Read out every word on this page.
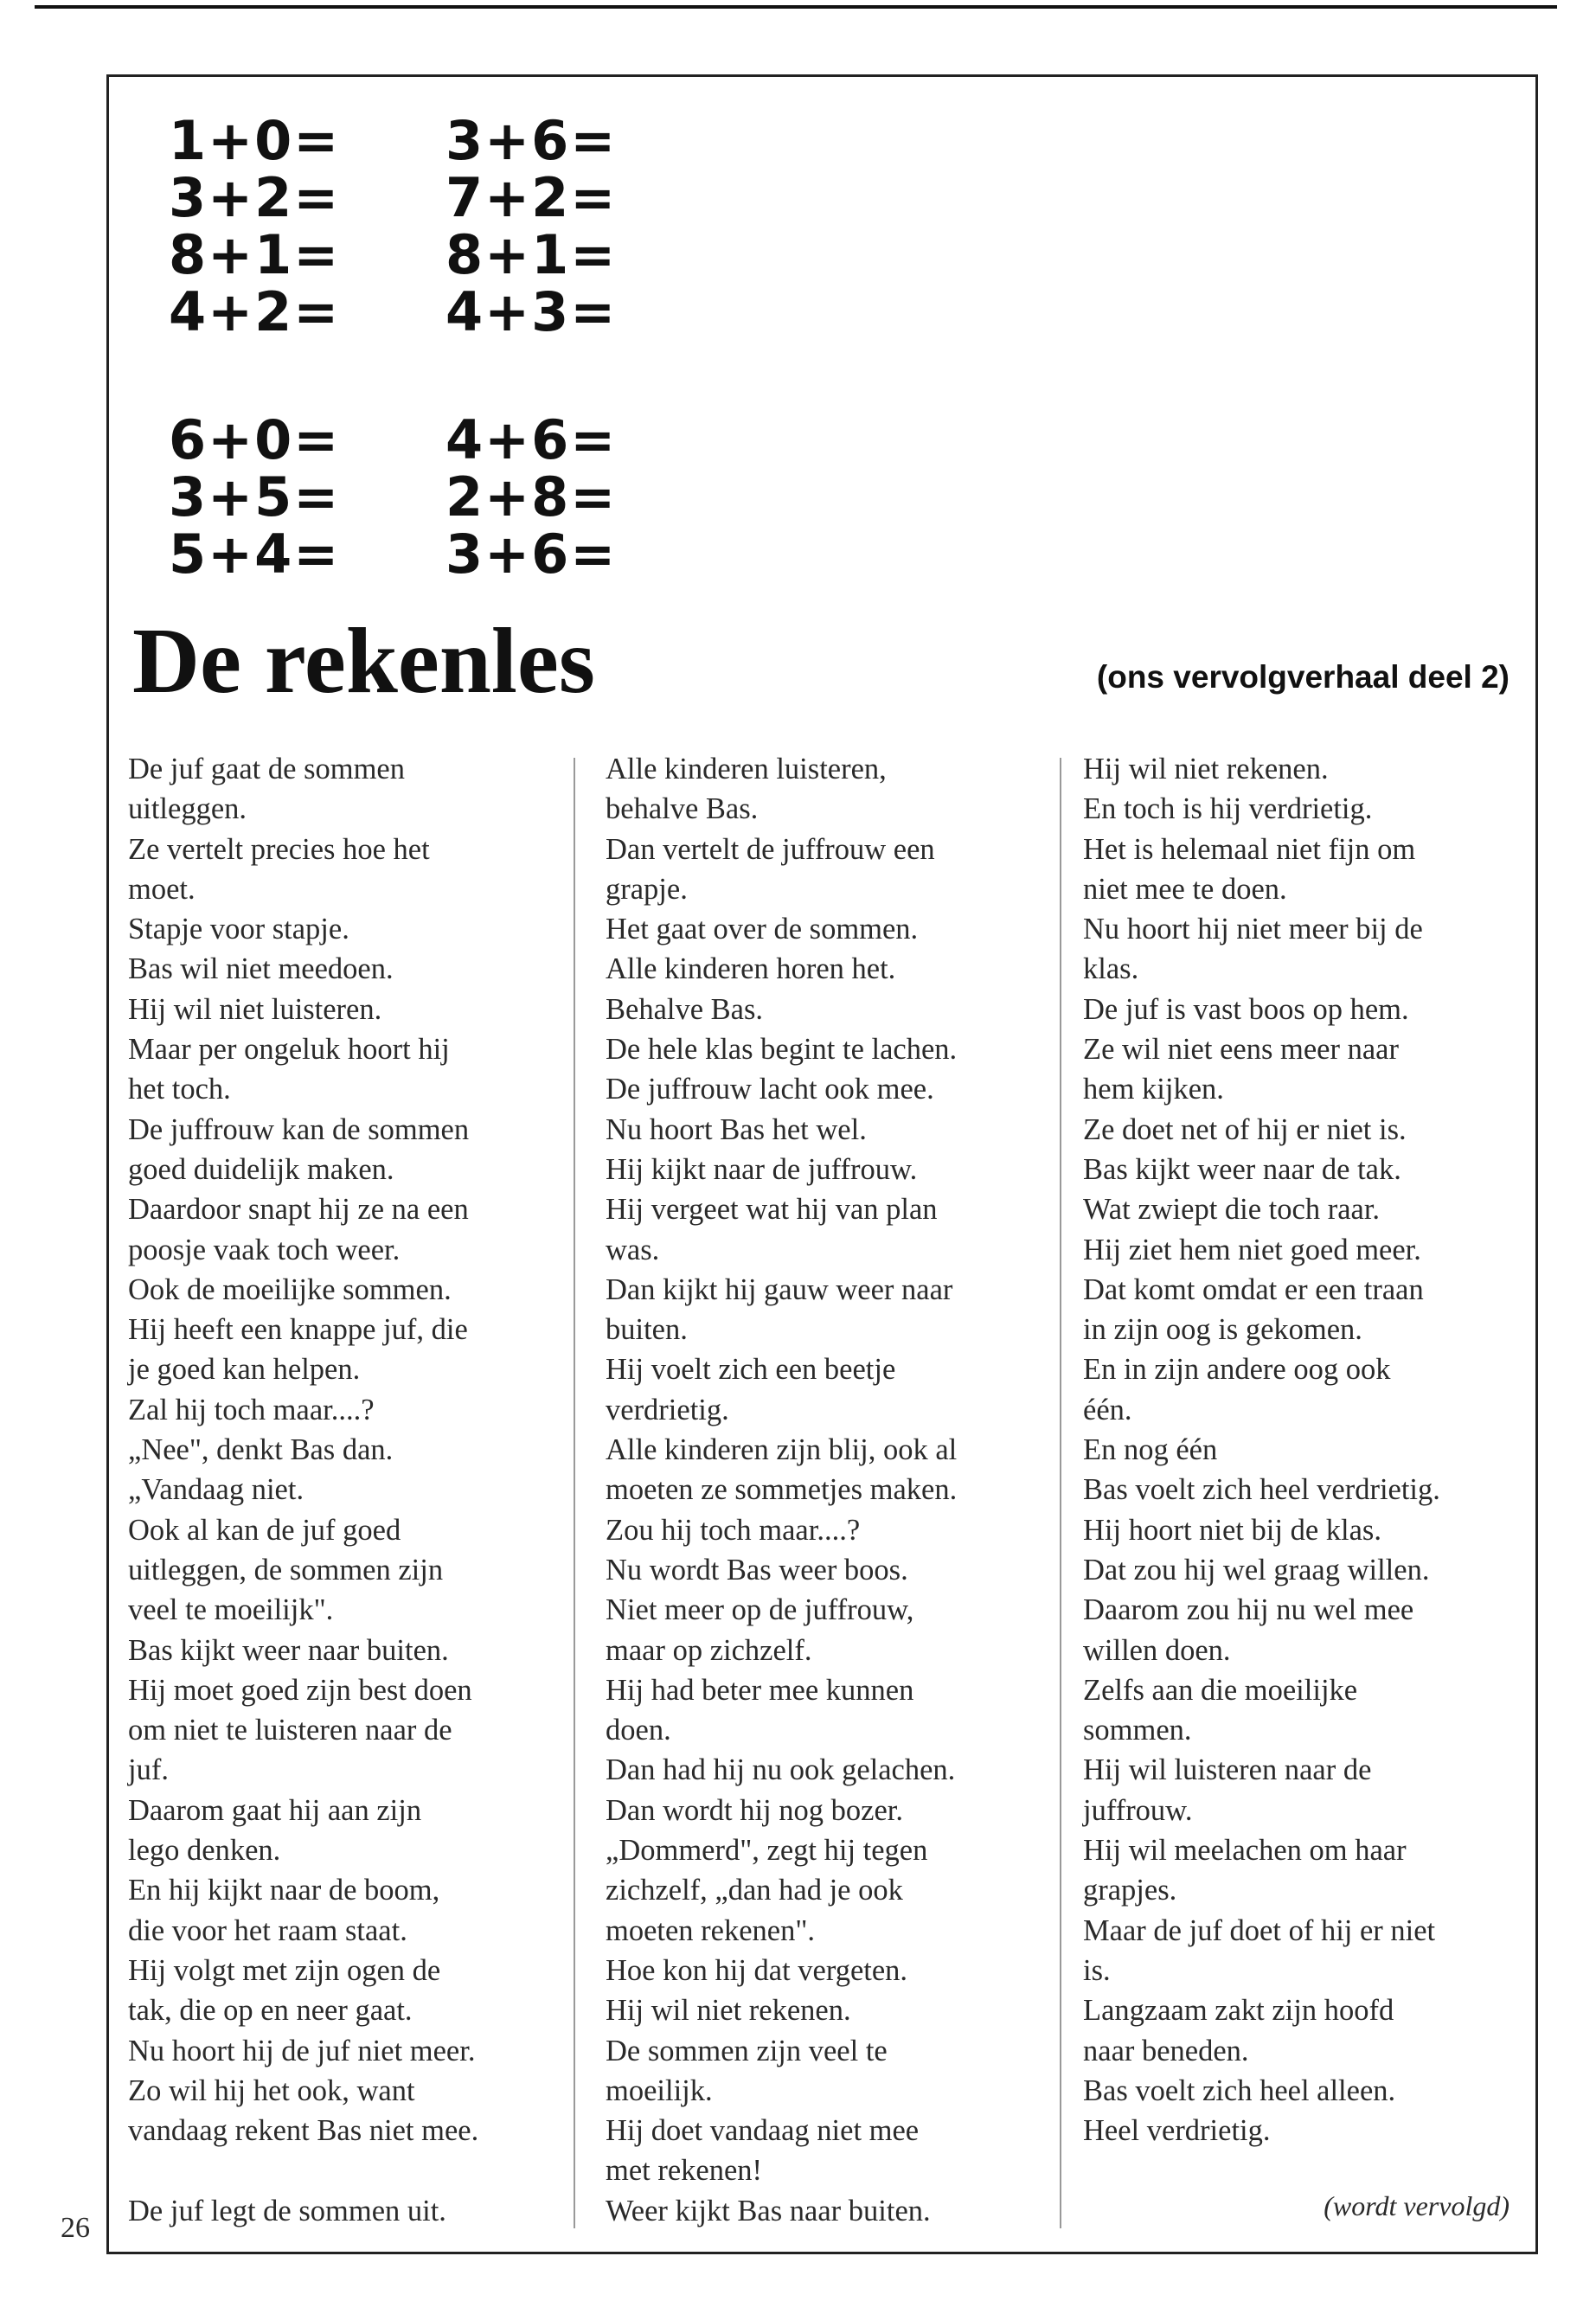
1+0=
3+2=
8+1=
4+2=
6+0=
3+5=
5+4=
3+6=
7+2=
8+1=
4+3=
4+6=
2+8=
3+6=
De rekenles	(ons vervolgverhaal deel 2)
De juf gaat de sommen
uitleggen.
Ze vertelt precies hoe het
moet.
Stapje voor stapje.
Bas wil niet meedoen.
Hij wil niet luisteren.
Maar per ongeluk hoort hij
het toch.
De juffrouw kan de sommen
goed duidelijk maken.
Daardoor snapt hij ze na een
poosje vaak toch weer.
Ook de moeilijke sommen.
Hij heeft een knappe juf, die
je goed kan helpen.
Zal hij toch maar....?
„Nee", denkt Bas dan.
„Vandaag niet.
Ook al kan de juf goed
uitleggen, de sommen zijn
veel te moeilijk".
Bas kijkt weer naar buiten.
Hij moet goed zijn best doen
om niet te luisteren naar de
juf.
Daarom gaat hij aan zijn
lego denken.
En hij kijkt naar de boom,
die voor het raam staat.
Hij volgt met zijn ogen de
tak, die op en neer gaat.
Nu hoort hij de juf niet meer.
Zo wil hij het ook, want
vandaag rekent Bas niet mee.
De juf legt de sommen uit.
Alle kinderen luisteren,
behalve Bas.
Dan vertelt de juffrouw een
grapje.
Het gaat over de sommen.
Alle kinderen horen het.
Behalve Bas.
De hele klas begint te lachen.
De juffrouw lacht ook mee.
Nu hoort Bas het wel.
Hij kijkt naar de juffrouw.
Hij vergeet wat hij van plan
was.
Dan kijkt hij gauw weer naar
buiten.
Hij voelt zich een beetje
verdrietig.
Alle kinderen zijn blij, ook al
moeten ze sommetjes maken.
Zou hij toch maar....?
Nu wordt Bas weer boos.
Niet meer op de juffrouw,
maar op zichzelf.
Hij had beter mee kunnen
doen.
Dan had hij nu ook gelachen.
Dan wordt hij nog bozer.
„Dommerd", zegt hij tegen
zichzelf, „dan had je ook
moeten rekenen".
Hoe kon hij dat vergeten.
Hij wil niet rekenen.
De sommen zijn veel te
moeilijk.
Hij doet vandaag niet mee
met rekenen!
Weer kijkt Bas naar buiten.
Hij wil niet rekenen.
En toch is hij verdrietig.
Het is helemaal niet fijn om
niet mee te doen.
Nu hoort hij niet meer bij de
klas.
De juf is vast boos op hem.
Ze wil niet eens meer naar
hem kijken.
Ze doet net of hij er niet is.
Bas kijkt weer naar de tak.
Wat zwiept die toch raar.
Hij ziet hem niet goed meer.
Dat komt omdat er een traan
in zijn oog is gekomen.
En in zijn andere oog ook
één.
En nog één
Bas voelt zich heel verdrietig.
Hij hoort niet bij de klas.
Dat zou hij wel graag willen.
Daarom zou hij nu wel mee
willen doen.
Zelfs aan die moeilijke
sommen.
Hij wil luisteren naar de
juffrouw.
Hij wil meelachen om haar
grapjes.
Maar de juf doet of hij er niet
is.
Langzaam zakt zijn hoofd
naar beneden.
Bas voelt zich heel alleen.
Heel verdrietig.
(wordt vervolgd)
26
